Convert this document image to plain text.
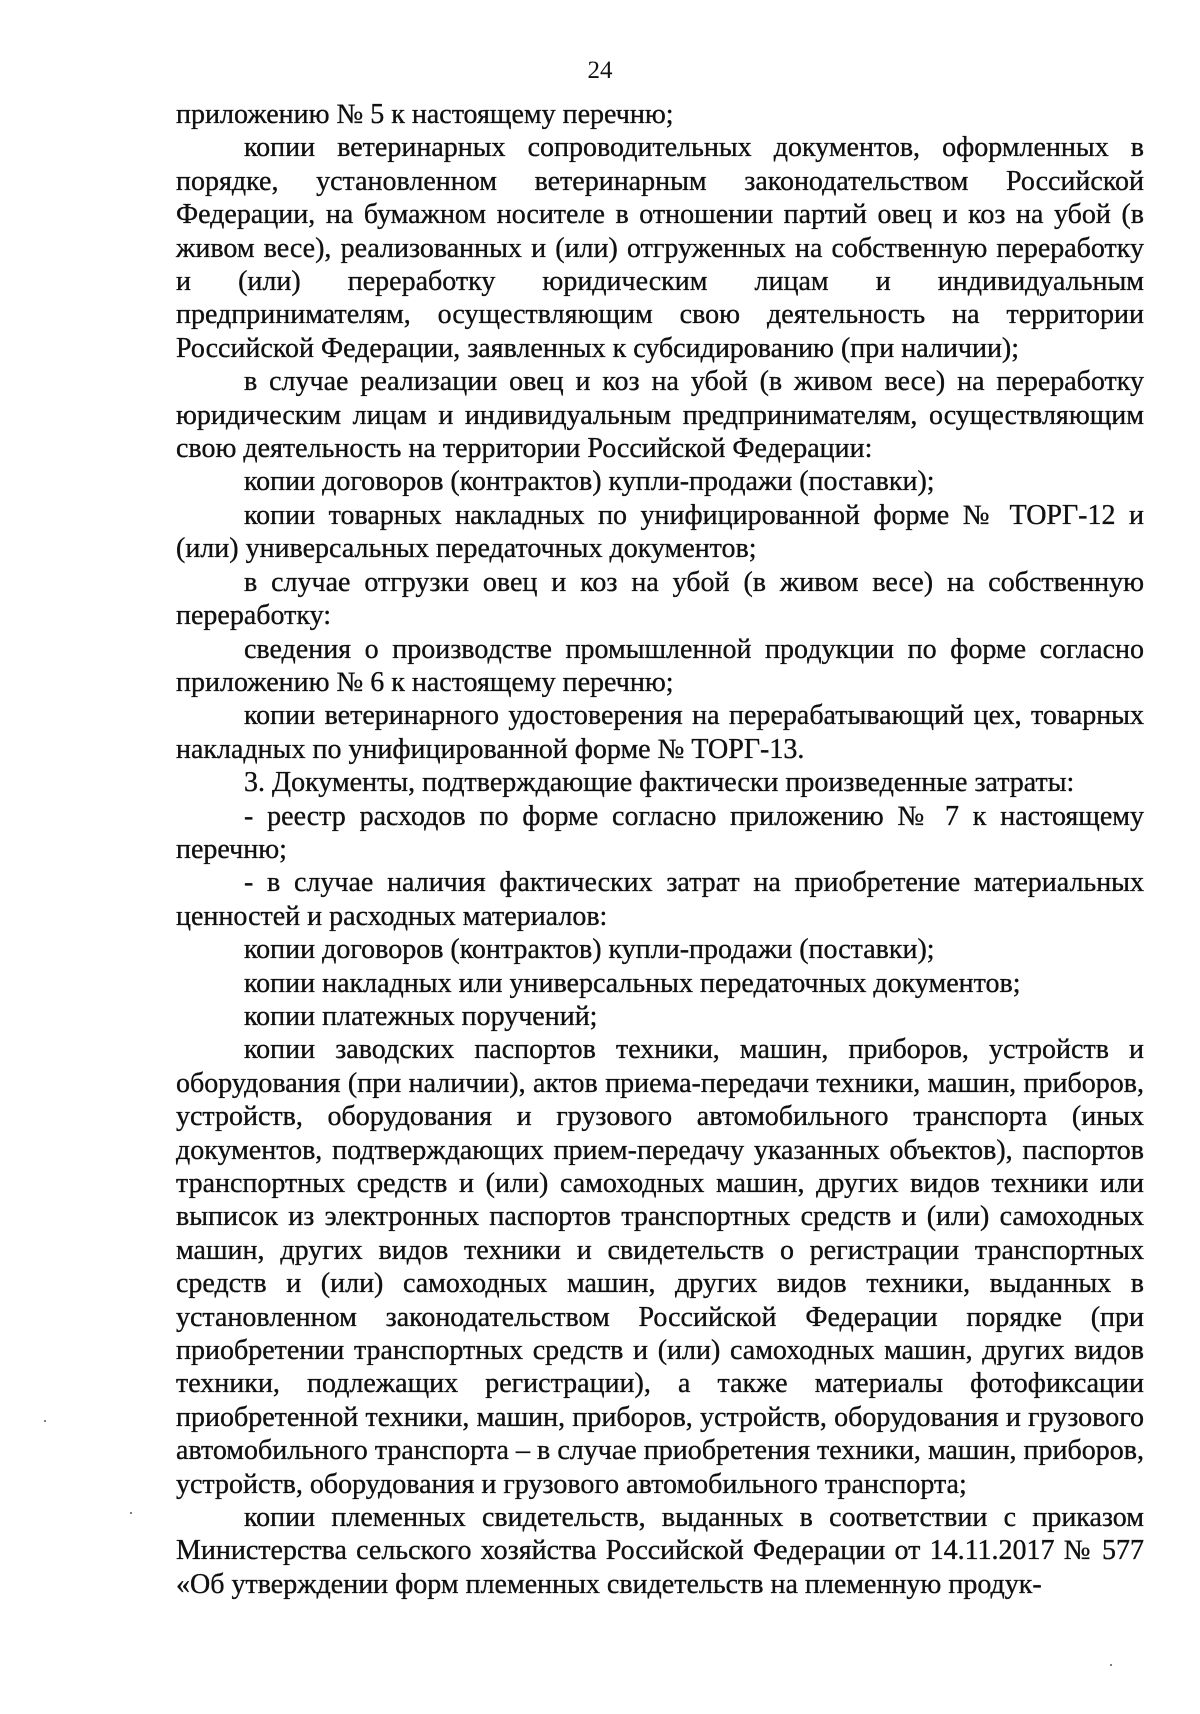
24

приложению № 5 к настоящему перечню;

копии ветеринарных сопроводительных документов, оформленных в порядке, установленном ветеринарным законодательством Российской Федерации, на бумажном носителе в отношении партий овец и коз на убой (в живом весе), реализованных и (или) отгруженных на собственную переработку и (или) переработку юридическим лицам и индивидуальным предпринимателям, осуществляющим свою деятельность на территории Российской Федерации, заявленных к субсидированию (при наличии);

в случае реализации овец и коз на убой (в живом весе) на переработку юридическим лицам и индивидуальным предпринимателям, осуществляющим свою деятельность на территории Российской Федерации:

копии договоров (контрактов) купли-продажи (поставки);

копии товарных накладных по унифицированной форме № ТОРГ-12 и (или) универсальных передаточных документов;

в случае отгрузки овец и коз на убой (в живом весе) на собственную переработку:

сведения о производстве промышленной продукции по форме согласно приложению № 6 к настоящему перечню;

копии ветеринарного удостоверения на перерабатывающий цех, товарных накладных по унифицированной форме № ТОРГ-13.

3. Документы, подтверждающие фактически произведенные затраты:

- реестр расходов по форме согласно приложению № 7 к настоящему перечню;

- в случае наличия фактических затрат на приобретение материальных ценностей и расходных материалов:

копии договоров (контрактов) купли-продажи (поставки);

копии накладных или универсальных передаточных документов;

копии платежных поручений;

копии заводских паспортов техники, машин, приборов, устройств и оборудования (при наличии), актов приема-передачи техники, машин, приборов, устройств, оборудования и грузового автомобильного транспорта (иных документов, подтверждающих прием-передачу указанных объектов), паспортов транспортных средств и (или) самоходных машин, других видов техники или выписок из электронных паспортов транспортных средств и (или) самоходных машин, других видов техники и свидетельств о регистрации транспортных средств и (или) самоходных машин, других видов техники, выданных в установленном законодательством Российской Федерации порядке (при приобретении транспортных средств и (или) самоходных машин, других видов техники, подлежащих регистрации), а также материалы фотофиксации приобретенной техники, машин, приборов, устройств, оборудования и грузового автомобильного транспорта – в случае приобретения техники, машин, приборов, устройств, оборудования и грузового автомобильного транспорта;

копии племенных свидетельств, выданных в соответствии с приказом Министерства сельского хозяйства Российской Федерации от 14.11.2017 № 577 «Об утверждении форм племенных свидетельств на племенную продук-
